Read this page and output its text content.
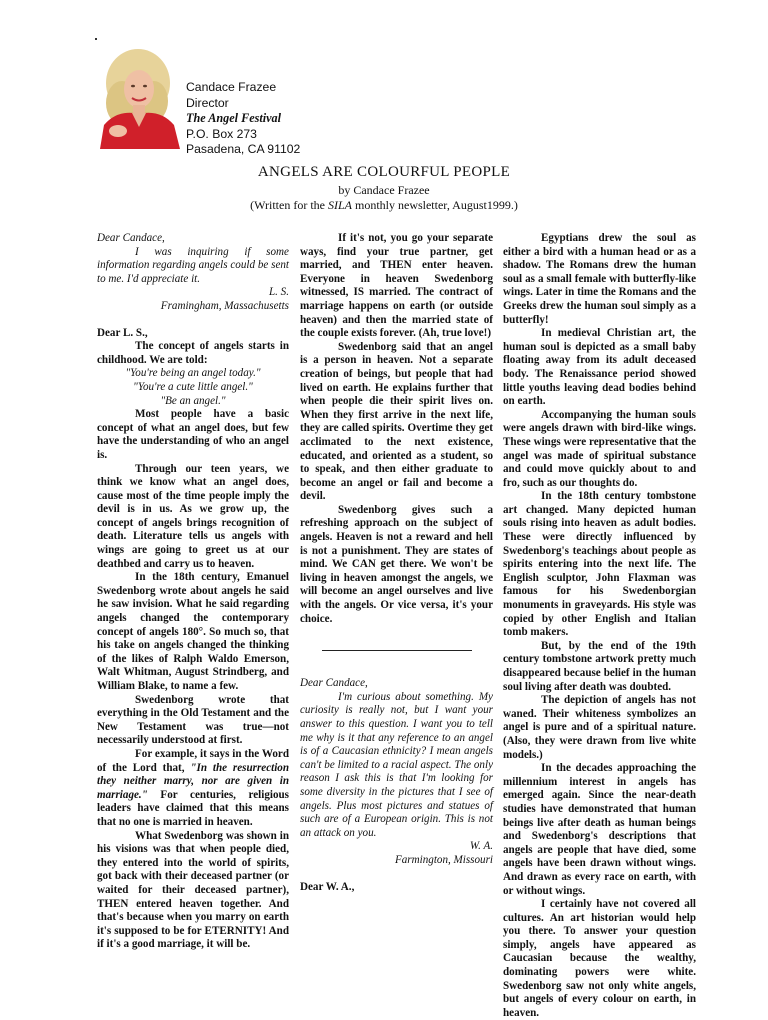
Candace Frazee
Director
The Angel Festival
P.O. Box 273
Pasadena, CA 91102
ANGELS ARE COLOURFUL PEOPLE
by Candace Frazee
(Written for the SILA monthly newsletter, August1999.)

Dear Candace,

I was inquiring if some information regarding angels could be sent to me. I'd appreciate it.

L. S.

Framingham, Massachusetts

Dear L. S.,

The concept of angels starts in childhood. We are told:

"You're being an angel today."

"You're a cute little angel."

"Be an angel."

Most people have a basic concept of what an angel does, but few have the understanding of who an angel is.

Through our teen years, we think we know what an angel does, cause most of the time people imply the devil is in us. As we grow up, the concept of angels brings recognition of death. Literature tells us angels with wings are going to greet us at our deathbed and carry us to heaven.

In the 18th century, Emanuel Swedenborg wrote about angels he said he saw invision. What he said regarding angels changed the contemporary concept of angels 180°. So much so, that his take on angels changed the thinking of the likes of Ralph Waldo Emerson, Walt Whitman, August Strindberg, and William Blake, to name a few.

Swedenborg wrote that everything in the Old Testament and the New Testament was true—not necessarily understood at first.

For example, it says in the Word of the Lord that, "In the resurrection they neither marry, nor are given in marriage." For centuries, religious leaders have claimed that this means that no one is married in heaven.

What Swedenborg was shown in his visions was that when people died, they entered into the world of spirits, got back with their deceased partner (or waited for their deceased partner), THEN entered heaven together. And that's because when you marry on earth it's supposed to be for ETERNITY! And if it's a good marriage, it will be.

If it's not, you go your separate ways, find your true partner, get married, and THEN enter heaven. Everyone in heaven Swedenborg witnessed, IS married. The contract of marriage happens on earth (or outside heaven) and then the married state of the couple exists forever. (Ah, true love!)

Swedenborg said that an angel is a person in heaven. Not a separate creation of beings, but people that had lived on earth. He explains further that when people die their spirit lives on. When they first arrive in the next life, they are called spirits. Overtime they get acclimated to the next existence, educated, and oriented as a student, so to speak, and then either graduate to become an angel or fail and become a devil.

Swedenborg gives such a refreshing approach on the subject of angels. Heaven is not a reward and hell is not a punishment. They are states of mind. We CAN get there. We won't be living in heaven amongst the angels, we will become an angel ourselves and live with the angels. Or vice versa, it's your choice.

Dear Candace,

I'm curious about something. My curiosity is really not, but I want your answer to this question. I want you to tell me why is it that any reference to an angel is of a Caucasian ethnicity? I mean angels can't be limited to a racial aspect. The only reason I ask this is that I'm looking for some diversity in the pictures that I see of angels. Plus most pictures and statues of such are of a European origin. This is not an attack on you.

W. A.

Farmington, Missouri

Dear W. A.,

Egyptians drew the soul as either a bird with a human head or as a shadow. The Romans drew the human soul as a small female with butterfly-like wings. Later in time the Romans and the Greeks drew the human soul simply as a butterfly!

In medieval Christian art, the human soul is depicted as a small baby floating away from its adult deceased body. The Renaissance period showed little youths leaving dead bodies behind on earth.

Accompanying the human souls were angels drawn with bird-like wings. These wings were representative that the angel was made of spiritual substance and could move quickly about to and fro, such as our thoughts do.

In the 18th century tombstone art changed. Many depicted human souls rising into heaven as adult bodies. These were directly influenced by Swedenborg's teachings about people as spirits entering into the next life. The English sculptor, John Flaxman was famous for his Swedenborgian monuments in graveyards. His style was copied by other English and Italian tomb makers.

But, by the end of the 19th century tombstone artwork pretty much disappeared because belief in the human soul living after death was doubted.

The depiction of angels has not waned. Their whiteness symbolizes an angel is pure and of a spiritual nature. (Also, they were drawn from live white models.)

In the decades approaching the millennium interest in angels has emerged again. Since the near-death studies have demonstrated that human beings live after death as human beings and Swedenborg's descriptions that angels are people that have died, some angels have been drawn without wings. And drawn as every race on earth, with or without wings.

I certainly have not covered all cultures. An art historian would help you there. To answer your question simply, angels have appeared as Caucasian because the wealthy, dominating powers were white. Swedenborg saw not only white angels, but angels of every colour on earth, in heaven.
